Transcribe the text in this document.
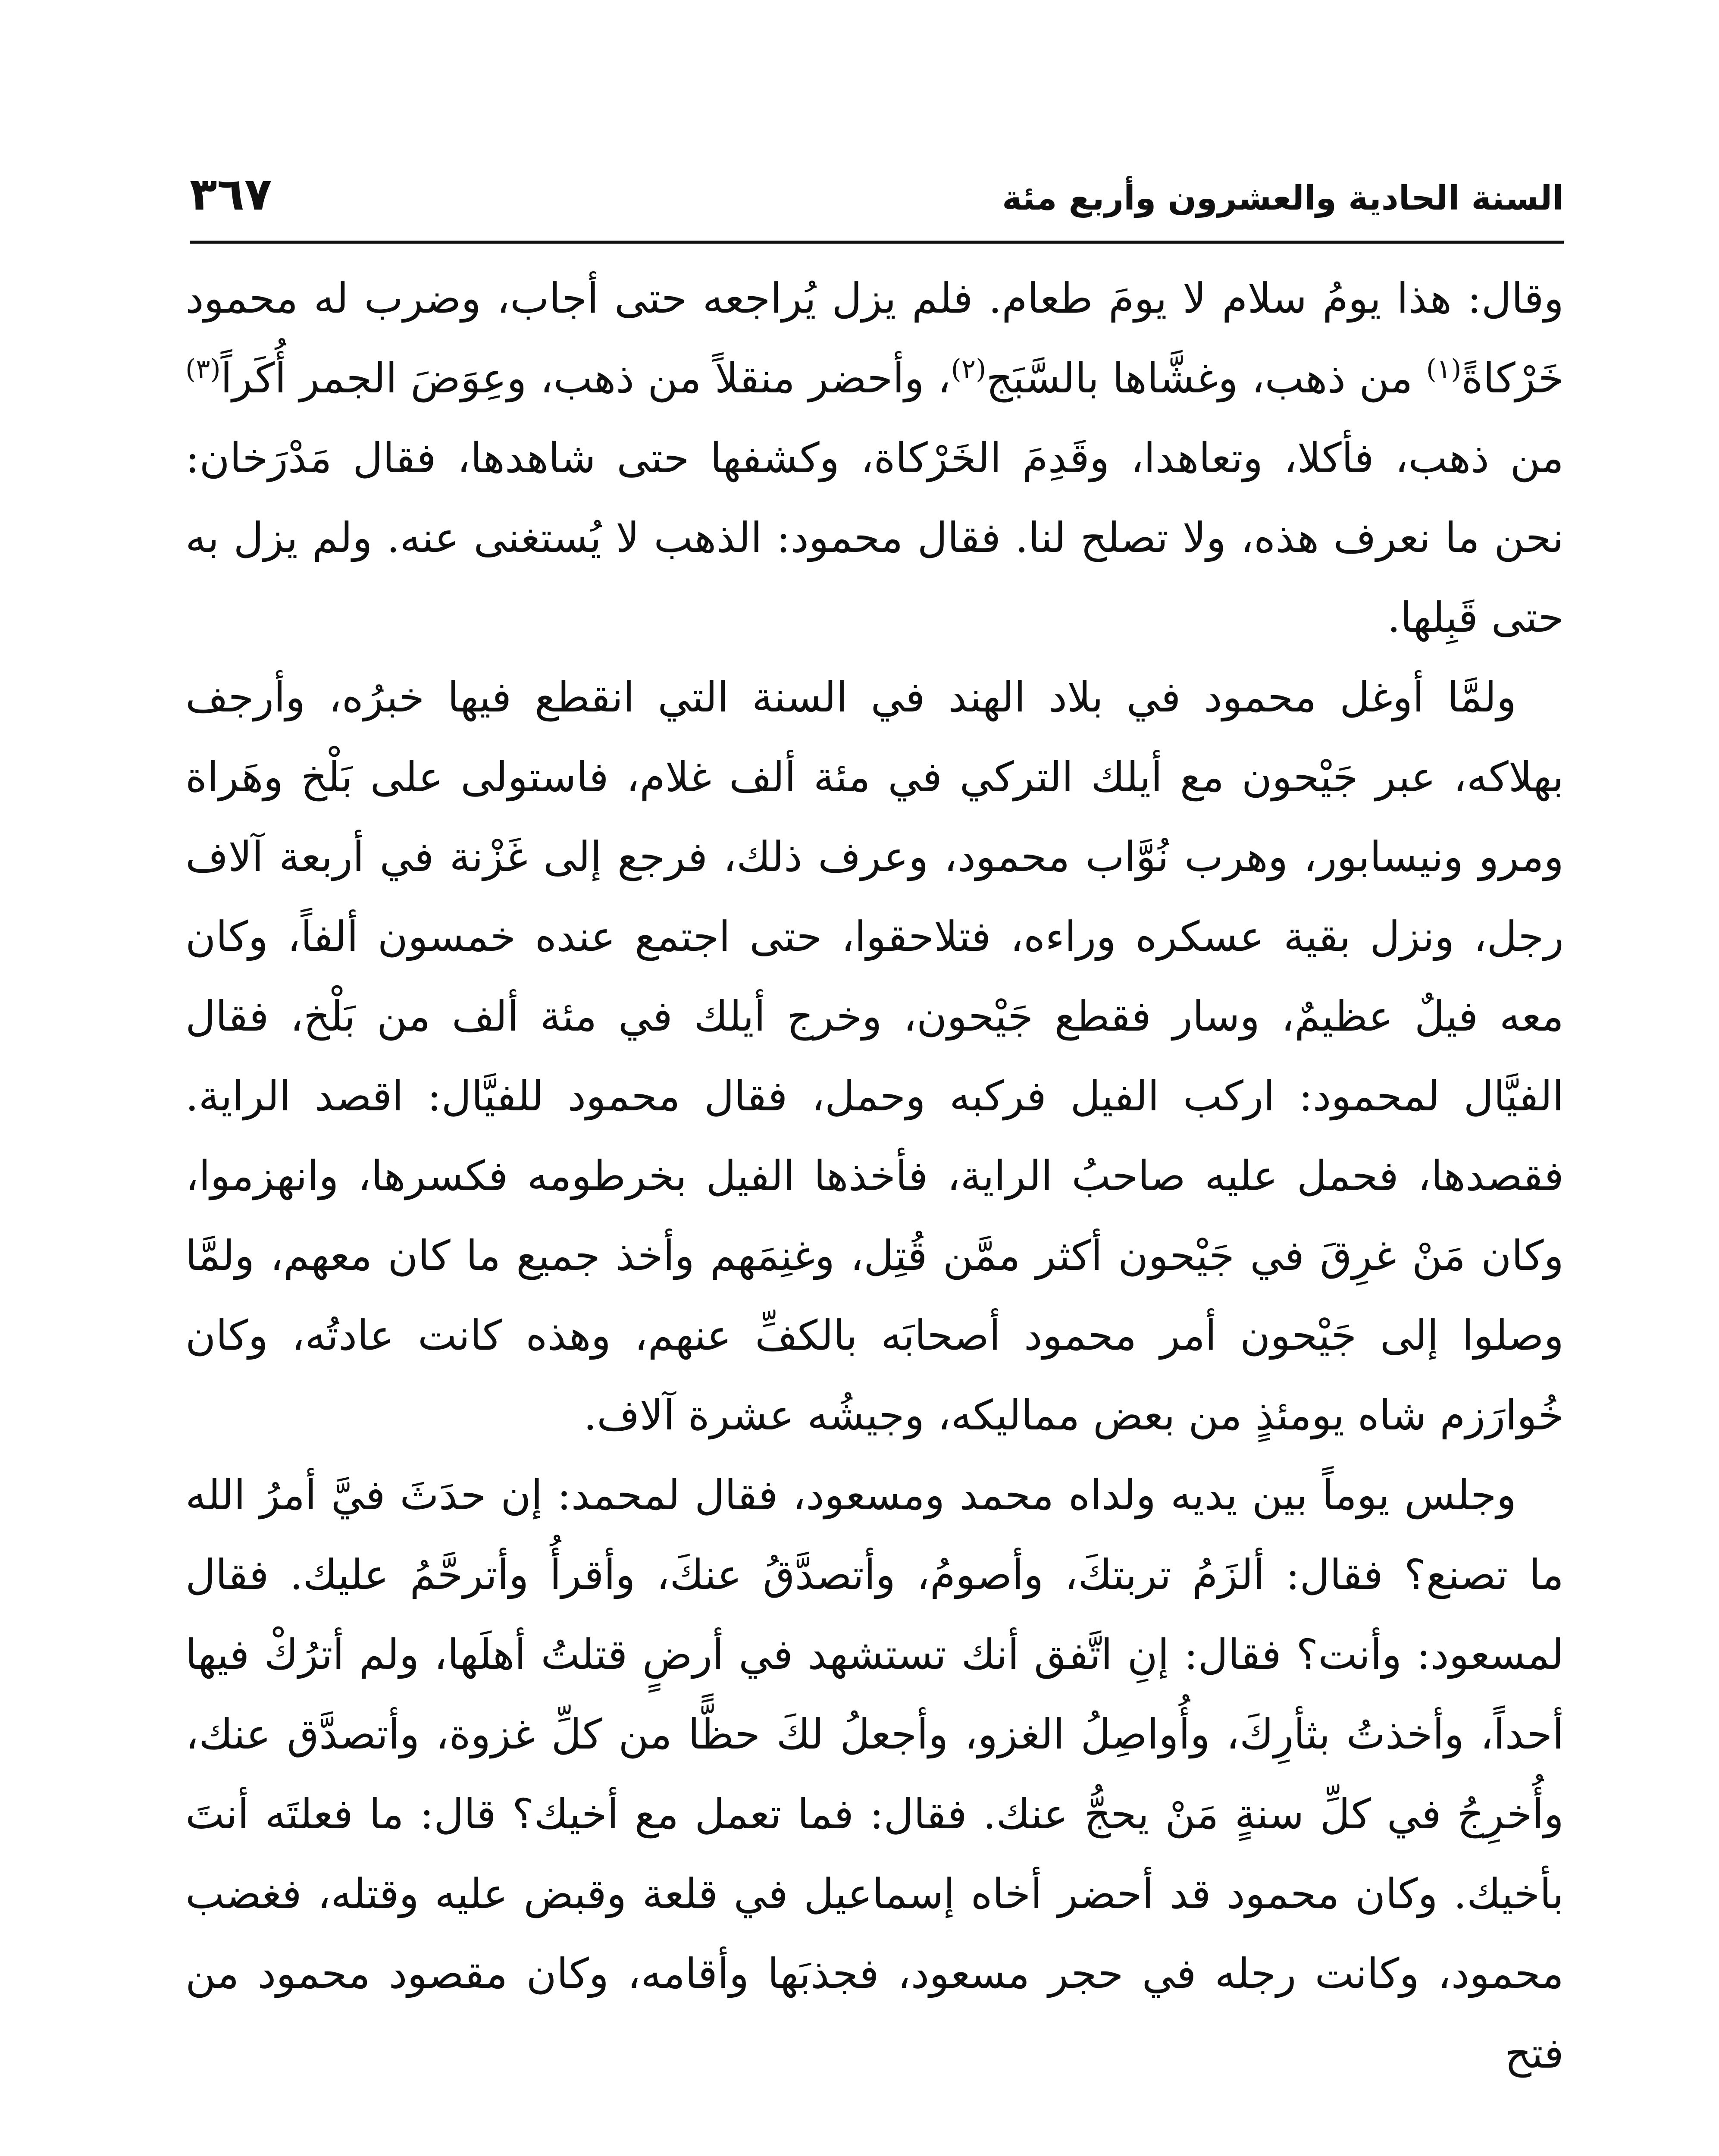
السنة الحادية والعشرون وأربع مئة
٣٦٧

وقال: هذا يومُ سلام لا يومَ طعام. فلم يزل يُراجعه حتى أجاب، وضرب له محمود خَرْكاةً$^{(١)}$ من ذهب، وغشَّاها بالسَّبَج$^{(٢)}$، وأحضر منقلاً من ذهب، وعِوَضَ الجمر أُكَراً$^{(٣)}$ من ذهب، فأكلا، وتعاهدا، وقَدِمَ الخَرْكاة، وكشفها حتى شاهدها، فقال مَدْرَخان: نحن ما نعرف هذه، ولا تصلح لنا. فقال محمود: الذهب لا يُستغنى عنه. ولم يزل به حتى قَبِلها.

ولمَّا أوغل محمود في بلاد الهند في السنة التي انقطع فيها خبرُه، وأرجف بهلاكه، عبر جَيْحون مع أيلك التركي في مئة ألف غلام، فاستولى على بَلْخ وهَراة ومرو ونيسابور، وهرب نُوَّاب محمود، وعرف ذلك، فرجع إلى غَزْنة في أربعة آلاف رجل، ونزل بقية عسكره وراءه، فتلاحقوا، حتى اجتمع عنده خمسون ألفاً، وكان معه فيلٌ عظيمٌ، وسار فقطع جَيْحون، وخرج أيلك في مئة ألف من بَلْخ، فقال الفيَّال لمحمود: اركب الفيل فركبه وحمل، فقال محمود للفيَّال: اقصد الراية. فقصدها، فحمل عليه صاحبُ الراية، فأخذها الفيل بخرطومه فكسرها، وانهزموا، وكان مَنْ غرِقَ في جَيْحون أكثر ممَّن قُتِل، وغنِمَهم وأخذ جميع ما كان معهم، ولمَّا وصلوا إلى جَيْحون أمر محمود أصحابَه بالكفِّ عنهم، وهذه كانت عادتُه، وكان خُوارَزم شاه يومئذٍ من بعض مماليكه، وجيشُه عشرة آلاف.

وجلس يوماً بين يديه ولداه محمد ومسعود، فقال لمحمد: إن حدَثَ فيَّ أمرُ الله ما تصنع؟ فقال: ألزَمُ تربتكَ، وأصومُ، وأتصدَّقُ عنكَ، وأقرأُ وأترحَّمُ عليك. فقال لمسعود: وأنت؟ فقال: إنِ اتَّفق أنك تستشهد في أرضٍ قتلتُ أهلَها، ولم أترُكْ فيها أحداً، وأخذتُ بثأرِكَ، وأُواصِلُ الغزو، وأجعلُ لكَ حظًّا من كلِّ غزوة، وأتصدَّق عنك، وأُخرِجُ في كلِّ سنةٍ مَنْ يحجُّ عنك. فقال: فما تعمل مع أخيك؟ قال: ما فعلتَه أنتَ بأخيك. وكان محمود قد أحضر أخاه إسماعيل في قلعة وقبض عليه وقتله، فغضب محمود، وكانت رجله في حجر مسعود، فجذبَها وأقامه، وكان مقصود محمود من فتح
